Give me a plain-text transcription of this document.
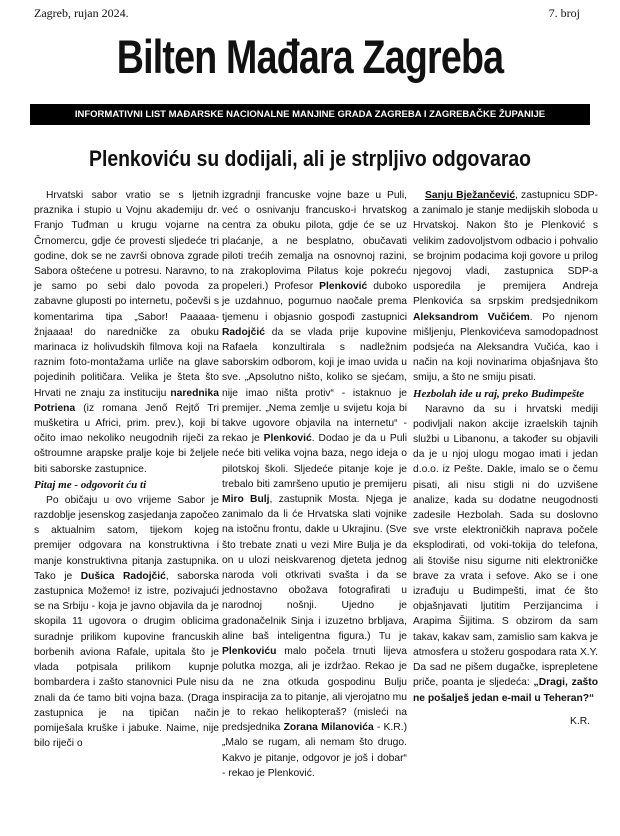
Zagreb, rujan 2024.	7. broj
Bilten Mađara Zagreba
INFORMATIVNI LIST MAĐARSKE NACIONALNE MANJINE GRADA ZAGREBA I ZAGREBAČKE ŽUPANIJE
Plenkoviću su dodijali, ali je strpljivo odgovarao

Hrvatski sabor vratio se s ljetnih praznika i stupio u Vojnu akademiju dr. Franjo Tuđman u krugu vojarne na Črnomercu, gdje će provesti sljedeće tri godine, dok se ne završi obnova zgrade Sabora oštećene u potresu. Naravno, to je samo po sebi dalo povoda za zabavne gluposti po internetu, počevši s komentarima tipa „Sabor! Paaaaa-žnjaaaa! do naredničke za obuku marinaca iz holivudskih filmova koji na raznim foto-montažama urliče na glave pojedinih političara. Velika je šteta što Hrvati ne znaju za instituciju narednika Potriena (iz romana Jenő Rejtő Tri mušketira u Africi, prim. prev.), koji bi očito imao nekoliko neugodnih riječi za oštroumne arapske pralje koje bi željele biti saborske zastupnice.

Pitaj me - odgovorit ću ti

Po običaju u ovo vrijeme Sabor je razdoblje jesenskog zasjedanja započeo s aktualnim satom, tijekom kojeg premijer odgovara na konstruktivna i manje konstruktivna pitanja zastupnika. Tako je Dušica Radojčić, saborska zastupnica Možemo! iz istre, pozivajući se na Srbiju - koja je javno objavila da je skopila 11 ugovora o drugim oblicima suradnje prilikom kupovine francuskih borbenih aviona Rafale, upitala što je vlada potpisala prilikom kupnje bombardera i zašto stanovnici Pule nisu znali da će tamo biti vojna baza. (Draga zastupnica je na tipičan način pomiješala kruške i jabuke. Naime, nije bilo riječi o

izgradnji francuske vojne baze u Puli, već o osnivanju francusko-i hrvatskog centra za obuku pilota, gdje će se uz plaćanje, a ne besplatno, obučavati piloti trećih zemalja na osnovnoj razini, na zrakoplovima Pilatus koje pokreću propeleri.) Profesor Plenković duboko je uzdahnuo, pogurnuo naočale prema tjemenu i objasnio gospođi zastupnici Radojčić da se vlada prije kupovine Rafaela konzultirala s nadležnim saborskim odborom, koji je imao uvida u sve. „Apsolutno ništo, koliko se sjećam, nije imao ništa protiv“ - istaknuo je premijer. „Nema zemlje u svijetu koja bi takve ugovore objavila na internetu“ - rekao je Plenković. Dodao je da u Puli neće biti velika vojna baza, nego ideja o pilotskoj školi. Sljedeće pitanje koje je trebalo biti zamršeno uputio je premijeru Miro Bulj, zastupnik Mosta. Njega je zanimalo da li će Hrvatska slati vojnike na istočnu frontu, dakle u Ukrajinu. (Sve što trebate znati u vezi Mire Bulja je da on u ulozi neiskvarenog djeteta jednog naroda voli otkrivati svašta i da se jednostavno obožava fotografirati u narodnoj nošnji. Ujedno je gradonačelnik Sinja i izuzetno brbljava, aline baš inteligentna figura.) Tu je Plenkoviću malo počela trnuti lijeva polutka mozga, ali je izdržao. Rekao je da ne zna otkuda gospodinu Bulju inspiracija za to pitanje, ali vjerojatno mu je to rekao helikopteraš? (misleći na predsjednika Zorana Milanovića - K.R.) „Malo se rugam, ali nemam što drugo. Kakvo je pitanje, odgovor je još i dobar“ - rekao je Plenković.

Sanju Bježančević, zastupnicu SDP-a zanimalo je stanje medijskih sloboda u Hrvatskoj. Nakon što je Plenković s velikim zadovoljstvom odbacio i pohvalio se brojnim podacima koji govore u prilog njegovoj vladi, zastupnica SDP-a usporedila je premijera Andreja Plenkovića sa srpskim predsjednikom Aleksandrom Vučićem. Po njenom mišljenju, Plenkovićeva samodopadnost podsjeća na Aleksandra Vučića, kao i način na koji novinarima objašnjava što smiju, a što ne smiju pisati.

Hezbolah ide u raj, preko Budimpešte

Naravno da su i hrvatski mediji podivljali nakon akcije izraelskih tajnih službi u Libanonu, a također su objavili da je u njoj ulogu mogao imati i jedan d.o.o. iz Pešte. Dakle, imalo se o čemu pisati, ali nisu stigli ni do uzvišene analize, kada su dodatne neugodnosti zadesile Hezbolah. Sada su doslovno sve vrste elektroničkih naprava počele eksplodirati, od voki-tokija do telefona, ali štoviše nisu sigurne niti elektroničke brave za vrata i sefove. Ako se i one izrađuju u Budimpešti, imat će što objašnjavati ljutitim Perzijancima i Arapima Šijitima. S obzirom da sam takav, kakav sam, zamislio sam kakva je atmosfera u stožeru gospodara rata X.Y. Da sad ne pišem dugačke, isprepletene priče, poanta je sljedeća: „Dragi, zašto ne pošalješ jedan e-mail u Teheran?“

K.R.
